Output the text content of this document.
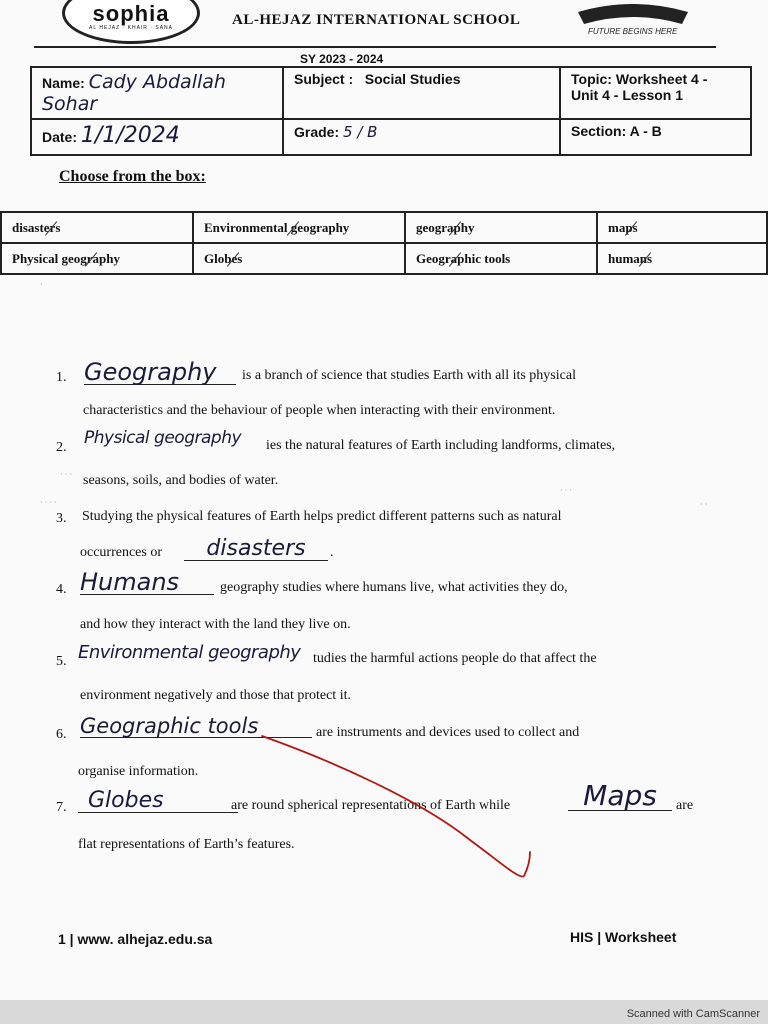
sophia
AL HEJAZ · KHAIR · SANA	AL-HEJAZ INTERNATIONAL SCHOOL
FUTURE BEGINS HERE
SY 2023 - 2024
Name: Cady Abdallah Sohar	Subject : Social Studies	Topic: Worksheet 4 -
Unit 4 - Lesson 1

Date: 1/1/2024	Grade: 5 / B	Section: A - B
Choose from the box:
disasters	Environmental geography	geography	maps

Physical geography	Globes	Geographic tools	humans
1. Geography	is a branch of science that studies Earth with all its physical
characteristics and the behaviour of people when interacting with their environment.
2. Physical geography	ies the natural features of Earth including landforms, climates,
seasons, soils, and bodies of water.
3. Studying the physical features of Earth helps predict different patterns such as natural
occurrences or	disasters	.
4. Humans	geography studies where humans live, what activities they do,
and how they interact with the land they live on.
5. Environmental geography tudies the harmful actions people do that affect the
environment negatively and those that protect it.
6. Geographic tools	are instruments and devices used to collect and
organise information.
7. Globes	are round spherical representations of Earth while	Maps	are
flat representations of Earth’s features.
· · ·
· · · ·	· ·
· · ·
·
1 | www. alhejaz.edu.sa	HIS | Worksheet
Scanned with CamScanner
